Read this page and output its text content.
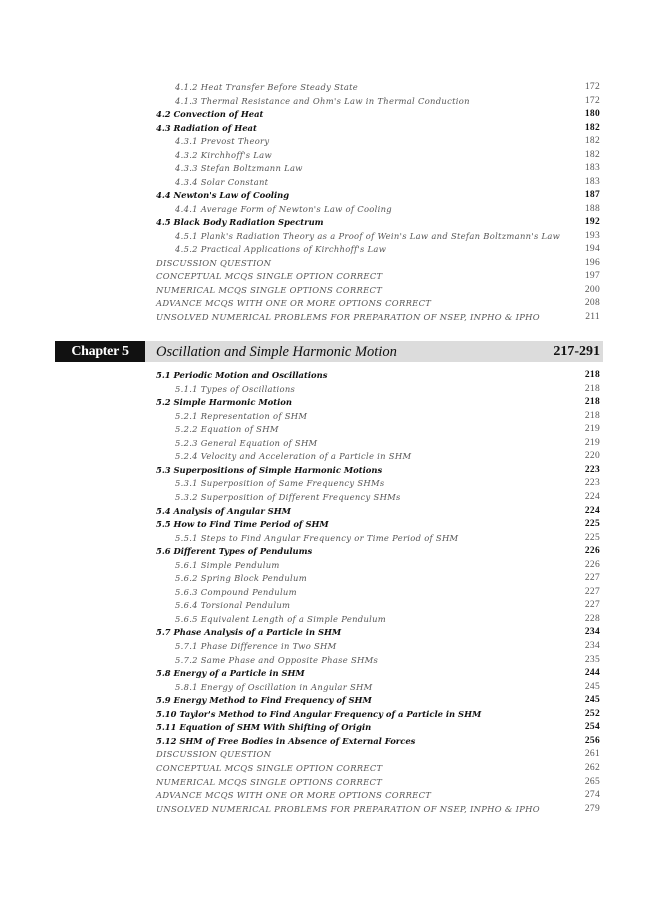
4.1.2 Heat Transfer Before Steady State	172
4.1.3 Thermal Resistance and Ohm's Law in Thermal Conduction	172
4.2 Convection of Heat	180
4.3 Radiation of Heat	182
4.3.1 Prevost Theory	182
4.3.2 Kirchhoff's Law	182
4.3.3 Stefan Boltzmann Law	183
4.3.4 Solar Constant	183
4.4 Newton's Law of Cooling	187
4.4.1 Average Form of Newton's Law of Cooling	188
4.5 Black Body Radiation Spectrum	192
4.5.1 Plank's Radiation Theory as a Proof of Wein's Law and Stefan Boltzmann's Law	193
4.5.2 Practical Applications of Kirchhoff's Law	194
DISCUSSION QUESTION	196
CONCEPTUAL MCQS SINGLE OPTION CORRECT	197
NUMERICAL MCQS SINGLE OPTIONS CORRECT	200
ADVANCE MCQS WITH ONE OR MORE OPTIONS CORRECT	208
UNSOLVED NUMERICAL PROBLEMS FOR PREPARATION OF NSEP, INPHO & IPHO	211
Chapter 5	Oscillation and Simple Harmonic Motion	217-291
5.1 Periodic Motion and Oscillations	218
5.1.1 Types of Oscillations	218
5.2 Simple Harmonic Motion	218
5.2.1 Representation of SHM	218
5.2.2 Equation of SHM	219
5.2.3 General Equation of SHM	219
5.2.4 Velocity and Acceleration of a Particle in SHM	220
5.3 Superpositions of Simple Harmonic Motions	223
5.3.1 Superposition of Same Frequency SHMs	223
5.3.2 Superposition of Different Frequency SHMs	224
5.4 Analysis of Angular SHM	224
5.5 How to Find Time Period of SHM	225
5.5.1 Steps to Find Angular Frequency or Time Period of SHM	225
5.6 Different Types of Pendulums	226
5.6.1 Simple Pendulum	226
5.6.2 Spring Block Pendulum	227
5.6.3 Compound Pendulum	227
5.6.4 Torsional Pendulum	227
5.6.5 Equivalent Length of a Simple Pendulum	228
5.7 Phase Analysis of a Particle in SHM	234
5.7.1 Phase Difference in Two SHM	234
5.7.2 Same Phase and Opposite Phase SHMs	235
5.8 Energy of a Particle in SHM	244
5.8.1 Energy of Oscillation in Angular SHM	245
5.9 Energy Method to Find Frequency of SHM	245
5.10 Taylor's Method to Find Angular Frequency of a Particle in SHM	252
5.11 Equation of SHM With Shifting of Origin	254
5.12 SHM of Free Bodies in Absence of External Forces	256
DISCUSSION QUESTION	261
CONCEPTUAL MCQS SINGLE OPTION CORRECT	262
NUMERICAL MCQS SINGLE OPTIONS CORRECT	265
ADVANCE MCQS WITH ONE OR MORE OPTIONS CORRECT	274
UNSOLVED NUMERICAL PROBLEMS FOR PREPARATION OF NSEP, INPHO & IPHO	279
